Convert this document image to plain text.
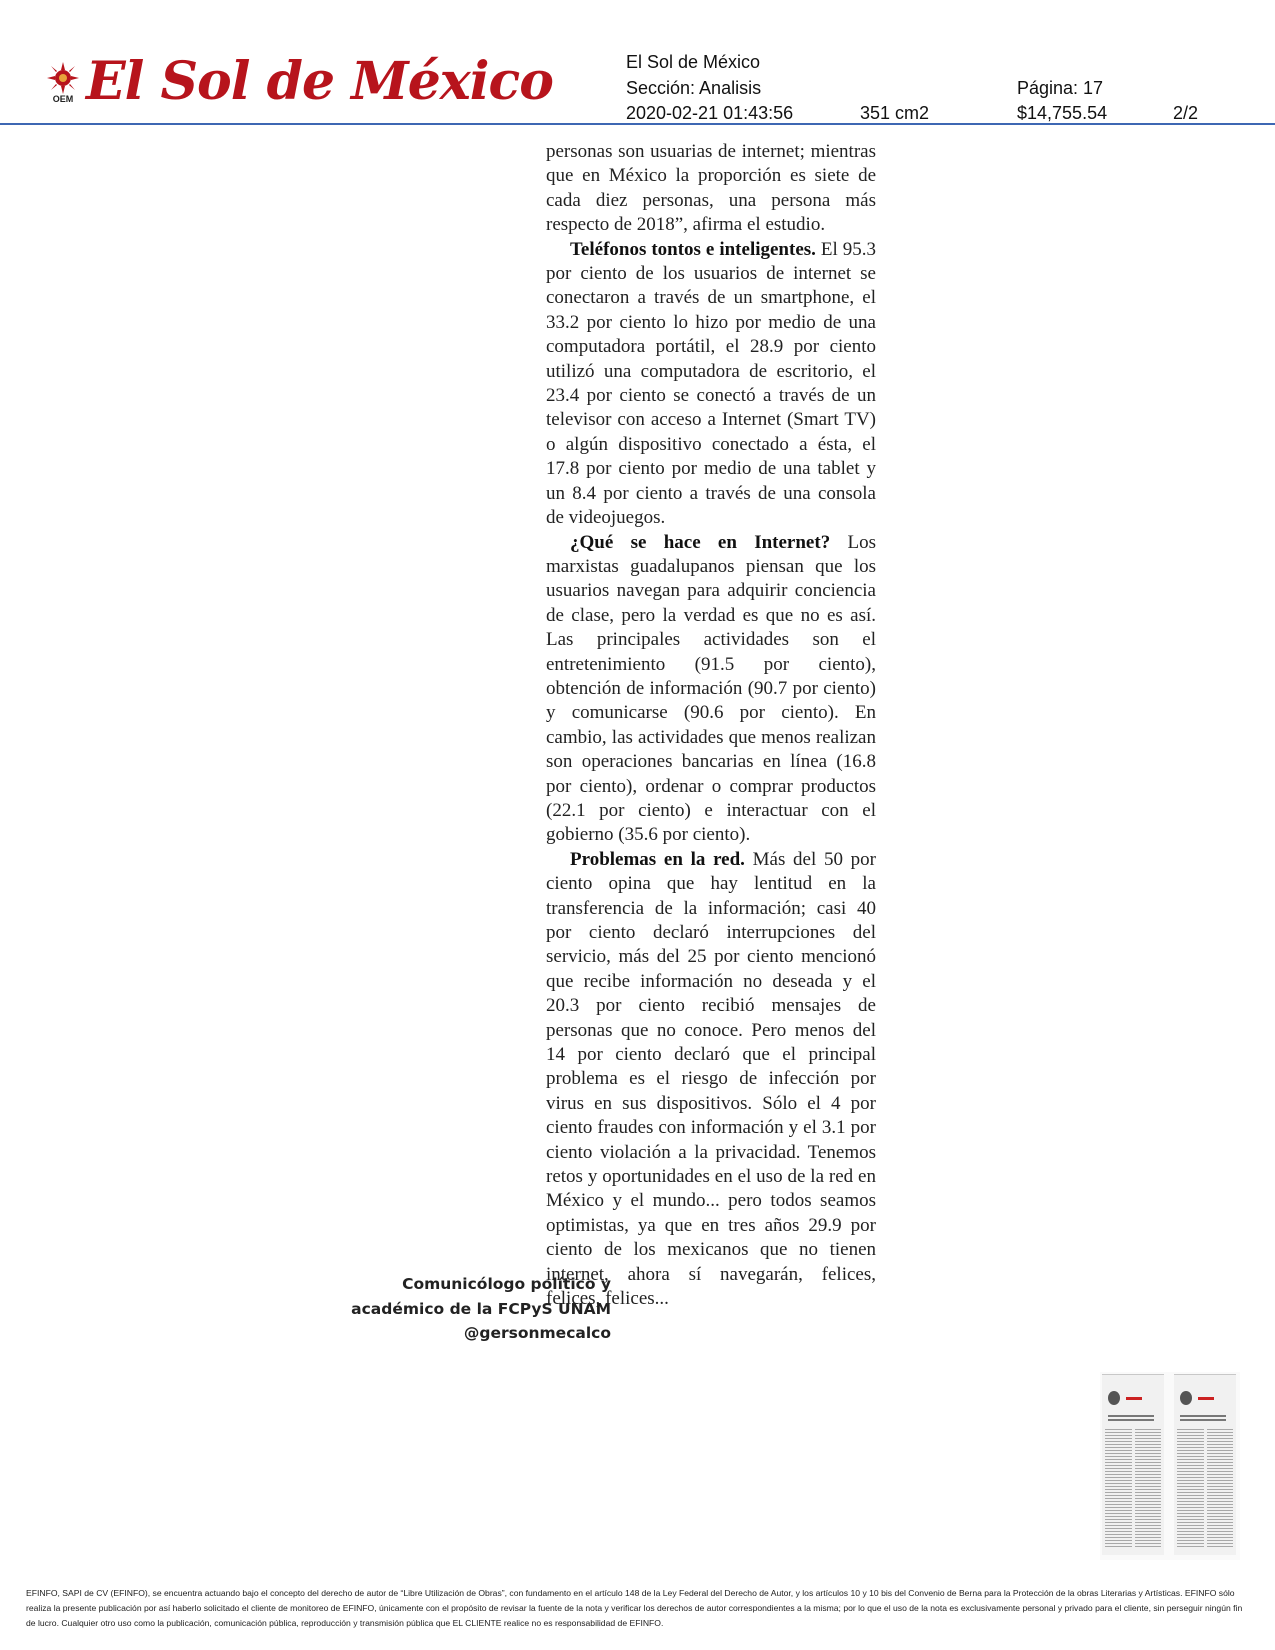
OEM El Sol de México	El Sol de México
Sección: Analisis	Página: 17
2020-02-21 01:43:56	351 cm2	$14,755.54	2/2

personas son usuarias de internet; mientras que en México la proporción es siete de cada diez personas, una persona más respecto de 2018”, afirma el estudio.

Teléfonos tontos e inteligentes. El 95.3 por ciento de los usuarios de internet se conectaron a través de un smartphone, el 33.2 por ciento lo hizo por medio de una computadora portátil, el 28.9 por ciento utilizó una computadora de escritorio, el 23.4 por ciento se conectó a través de un televisor con acceso a Internet (Smart TV) o algún dispositivo conectado a ésta, el 17.8 por ciento por medio de una tablet y un 8.4 por ciento a través de una consola de videojuegos.

¿Qué se hace en Internet? Los marxistas guadalupanos piensan que los usuarios navegan para adquirir conciencia de clase, pero la verdad es que no es así. Las principales actividades son el entretenimiento (91.5 por ciento), obtención de información (90.7 por ciento) y comunicarse (90.6 por ciento). En cambio, las actividades que menos realizan son operaciones bancarias en línea (16.8 por ciento), ordenar o comprar productos (22.1 por ciento) e interactuar con el gobierno (35.6 por ciento).

Problemas en la red. Más del 50 por ciento opina que hay lentitud en la transferencia de la información; casi 40 por ciento declaró interrupciones del servicio, más del 25 por ciento mencionó que recibe información no deseada y el 20.3 por ciento recibió mensajes de personas que no conoce. Pero menos del 14 por ciento declaró que el principal problema es el riesgo de infección por virus en sus dispositivos. Sólo el 4 por ciento fraudes con información y el 3.1 por ciento violación a la privacidad. Tenemos retos y oportunidades en el uso de la red en México y el mundo... pero todos seamos optimistas, ya que en tres años 29.9 por ciento de los mexicanos que no tienen internet, ahora sí navegarán, felices, felices, felices...

Comunicólogo político y
académico de la FCPyS UNAM
@gersonmecalco
EFINFO, SAPI de CV (EFINFO), se encuentra actuando bajo el concepto del derecho de autor de “Libre Utilización de Obras”, con fundamento en el artículo 148 de la Ley Federal del Derecho de Autor, y los artículos 10 y 10 bis del Convenio de Berna para la Protección de la obras Literarias y Artísticas. EFINFO sólo realiza la presente publicación por así haberlo solicitado el cliente de monitoreo de EFINFO, únicamente con el propósito de revisar la fuente de la nota y verificar los derechos de autor correspondientes a la misma; por lo que el uso de la nota es exclusivamente personal y privado para el cliente, sin perseguir ningún fin de lucro. Cualquier otro uso como la publicación, comunicación pública, reproducción y transmisión pública que EL CLIENTE realice no es responsabilidad de EFINFO.
